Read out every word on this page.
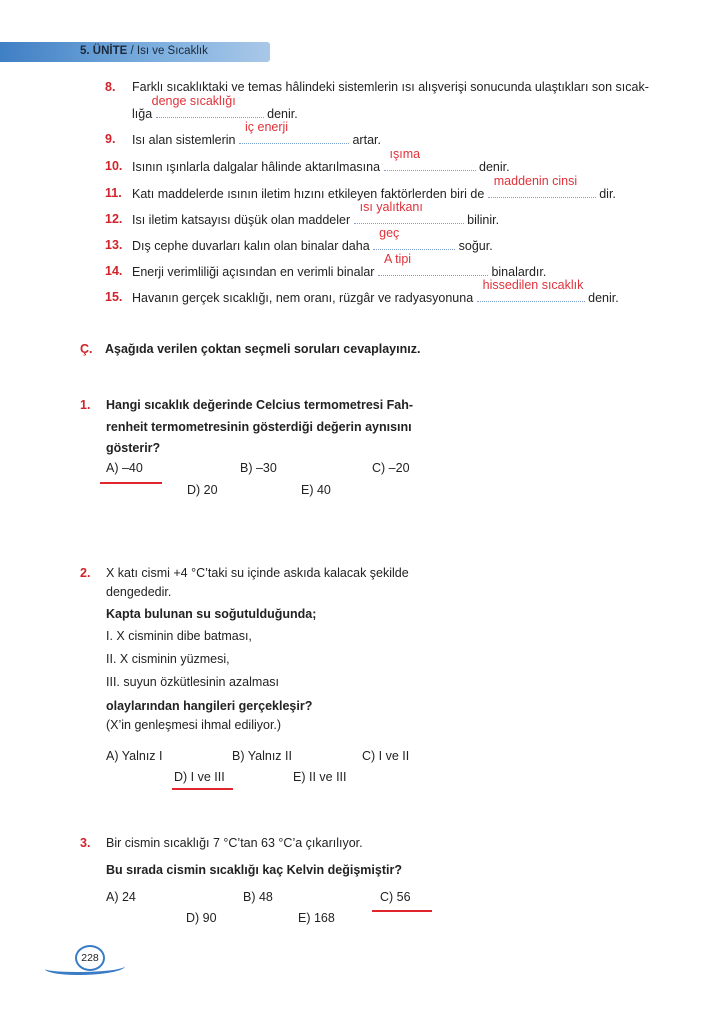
5. ÜNİTE / Isı ve Sıcaklık
8.	Farklı sıcaklıktaki ve temas hâlindeki sistemlerin ısı alışverişi sonucunda ulaştıkları son sıcak-
lığa
denge sıcaklığı
denir.
9.	Isı alan sistemlerin
iç enerji
artar.
10. Isının ışınlarla dalgalar hâlinde aktarılmasına
ışıma
denir.
11. Katı maddelerde ısının iletim hızını etkileyen faktörlerden biri de
maddenin cinsi
dir.
12. Isı iletim katsayısı düşük olan maddeler
ısı yalıtkanı
bilinir.
13. Dış cephe duvarları kalın olan binalar daha
geç
soğur.
14. Enerji verimliliği açısından en verimli binalar
A tipi
binalardır.
15. Havanın gerçek sıcaklığı, nem oranı, rüzgâr ve radyasyonuna
hissedilen sıcaklık
denir.
Ç.	Aşağıda verilen çoktan seçmeli soruları cevaplayınız.
1.	Hangi sıcaklık değerinde Celcius termometresi Fah-
renheit termometresinin gösterdiği değerin aynısını
gösterir?
A) –40	B) –30	C) –20
D) 20	E) 40
2.	X katı cismi +4 °C’taki su içinde askıda kalacak şekilde
dengededir.
Kapta bulunan su soğutulduğunda;
I. X cisminin dibe batması,
II. X cisminin yüzmesi,
III. suyun özkütlesinin azalması
olaylarından hangileri gerçekleşir?
(X’in genleşmesi ihmal ediliyor.)
A) Yalnız I	B) Yalnız II	C) I ve II
D) I ve III	E) II ve III
3.	Bir cismin sıcaklığı 7 °C’tan 63 °C’a çıkarılıyor.
Bu sırada cismin sıcaklığı kaç Kelvin değişmiştir?
A) 24	B) 48	C) 56
D) 90	E) 168
228
